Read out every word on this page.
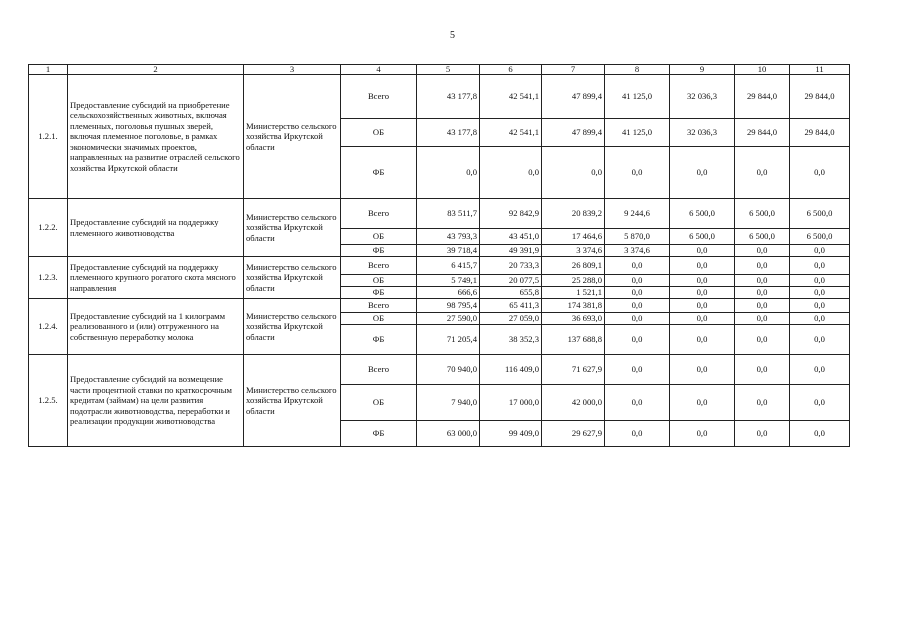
5
1	2	3	4	5	6	7	8	9	10	11
1.2.1.	Предоставление субсидий на приобретение сельскохозяйственных животных, включая племенных, поголовья пушных зверей, включая племенное поголовье, в рамках экономически значимых проектов, направленных на развитие отраслей сельского хозяйства Иркутской области	Министерство сельского хозяйства Иркутской области	Всего	43 177,8	42 541,1	47 899,4	41 125,0	32 036,3	29 844,0	29 844,0
			ОБ	43 177,8	42 541,1	47 899,4	41 125,0	32 036,3	29 844,0	29 844,0
			ФБ	0,0	0,0	0,0	0,0	0,0	0,0	0,0
1.2.2.	Предоставление субсидий на поддержку племенного животноводства	Министерство сельского хозяйства Иркутской области	Всего	83 511,7	92 842,9	20 839,2	9 244,6	6 500,0	6 500,0	6 500,0
			ОБ	43 793,3	43 451,0	17 464,6	5 870,0	6 500,0	6 500,0	6 500,0
			ФБ	39 718,4	49 391,9	3 374,6	3 374,6	0,0	0,0	0,0
1.2.3.	Предоставление субсидий на поддержку племенного крупного рогатого скота мясного направления	Министерство сельского хозяйства Иркутской области	Всего	6 415,7	20 733,3	26 809,1	0,0	0,0	0,0	0,0
			ОБ	5 749,1	20 077,5	25 288,0	0,0	0,0	0,0	0,0
			ФБ	666,6	655,8	1 521,1	0,0	0,0	0,0	0,0
1.2.4.	Предоставление субсидий на 1 килограмм реализованного и (или) отгруженного на собственную переработку молока	Министерство сельского хозяйства Иркутской области	Всего	98 795,4	65 411,3	174 381,8	0,0	0,0	0,0	0,0
			ОБ	27 590,0	27 059,0	36 693,0	0,0	0,0	0,0	0,0
			ФБ	71 205,4	38 352,3	137 688,8	0,0	0,0	0,0	0,0
1.2.5.	Предоставление субсидий на возмещение части процентной ставки по краткосрочным кредитам (займам) на цели развития подотрасли животноводства, переработки и реализации продукции животноводства	Министерство сельского хозяйства Иркутской области	Всего	70 940,0	116 409,0	71 627,9	0,0	0,0	0,0	0,0
			ОБ	7 940,0	17 000,0	42 000,0	0,0	0,0	0,0	0,0
			ФБ	63 000,0	99 409,0	29 627,9	0,0	0,0	0,0	0,0
